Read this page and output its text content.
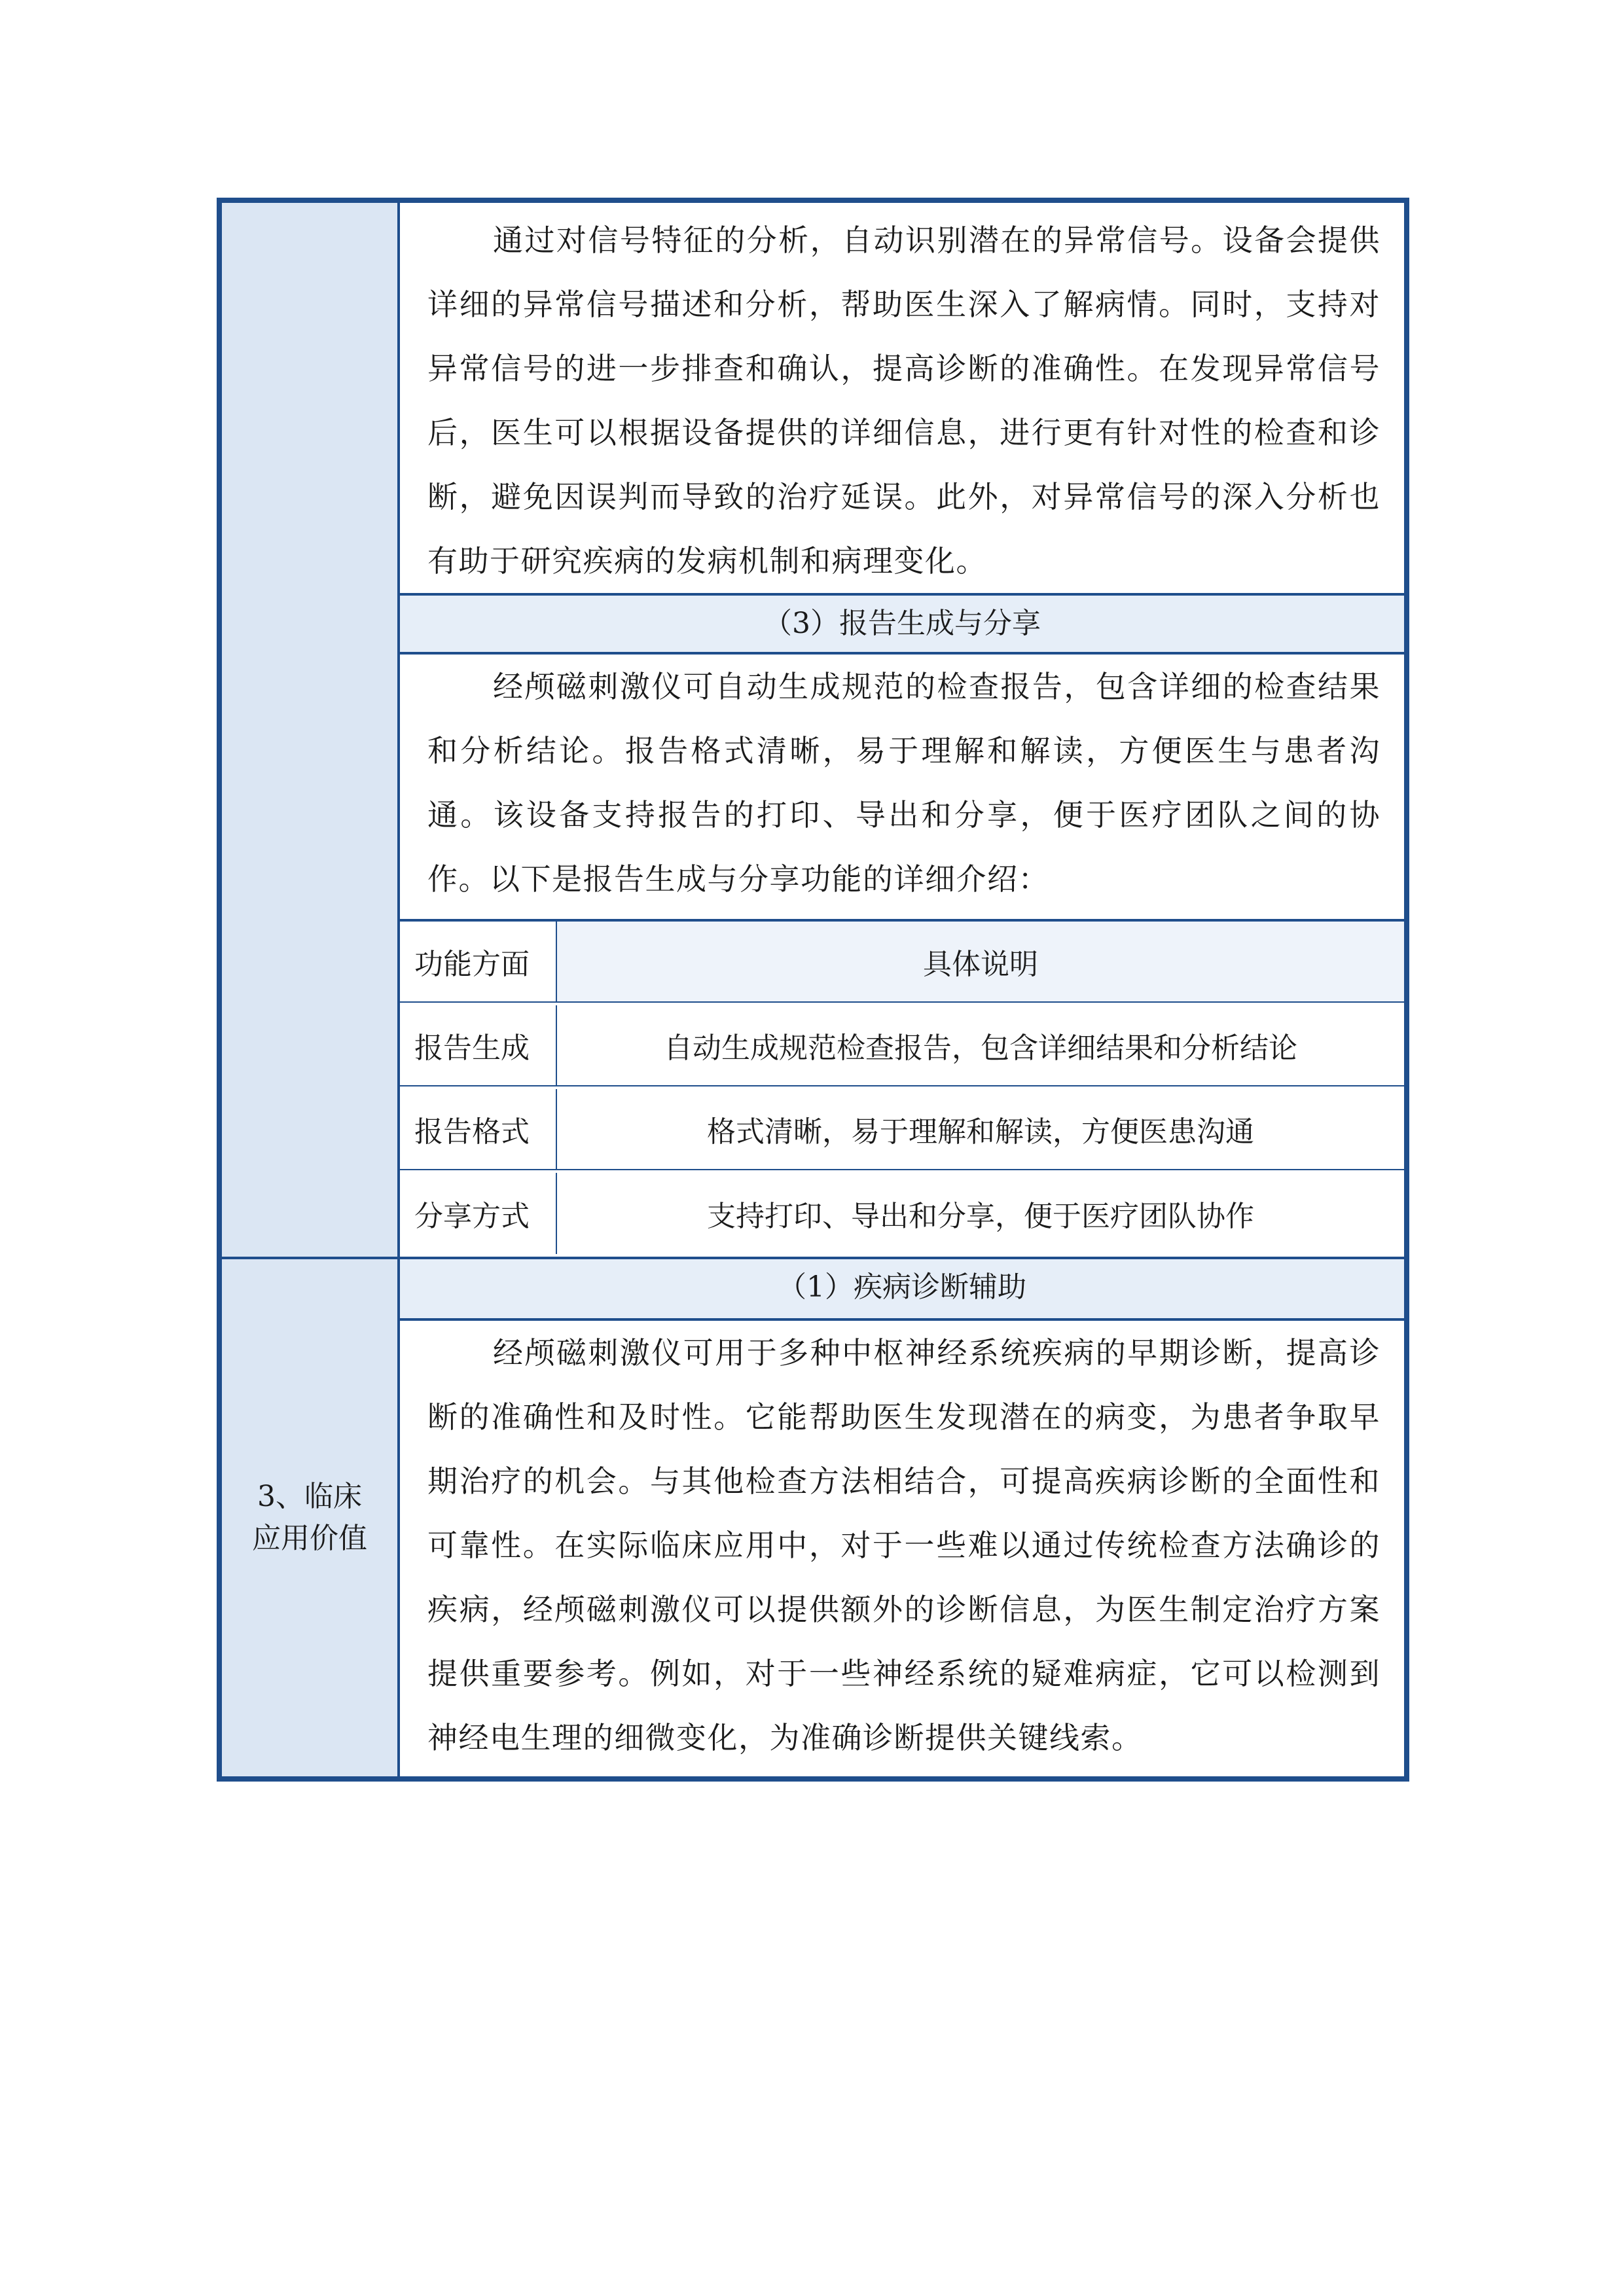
通过对信号特征的分析，自动识别潜在的异常信号。设备会提供详细的异常信号描述和分析，帮助医生深入了解病情。同时，支持对异常信号的进一步排查和确认，提高诊断的准确性。在发现异常信号后，医生可以根据设备提供的详细信息，进行更有针对性的检查和诊断，避免因误判而导致的治疗延误。此外，对异常信号的深入分析也有助于研究疾病的发病机制和病理变化。
（3）报告生成与分享
经颅磁刺激仪可自动生成规范的检查报告，包含详细的检查结果和分析结论。报告格式清晰，易于理解和解读，方便医生与患者沟通。该设备支持报告的打印、导出和分享，便于医疗团队之间的协作。以下是报告生成与分享功能的详细介绍：
功能方面	具体说明
报告生成	自动生成规范检查报告，包含详细结果和分析结论
报告格式	格式清晰，易于理解和解读，方便医患沟通
分享方式	支持打印、导出和分享，便于医疗团队协作
3、临床应用价值
（1）疾病诊断辅助
经颅磁刺激仪可用于多种中枢神经系统疾病的早期诊断，提高诊断的准确性和及时性。它能帮助医生发现潜在的病变，为患者争取早期治疗的机会。与其他检查方法相结合，可提高疾病诊断的全面性和可靠性。在实际临床应用中，对于一些难以通过传统检查方法确诊的疾病，经颅磁刺激仪可以提供额外的诊断信息，为医生制定治疗方案提供重要参考。例如，对于一些神经系统的疑难病症，它可以检测到神经电生理的细微变化，为准确诊断提供关键线索。
